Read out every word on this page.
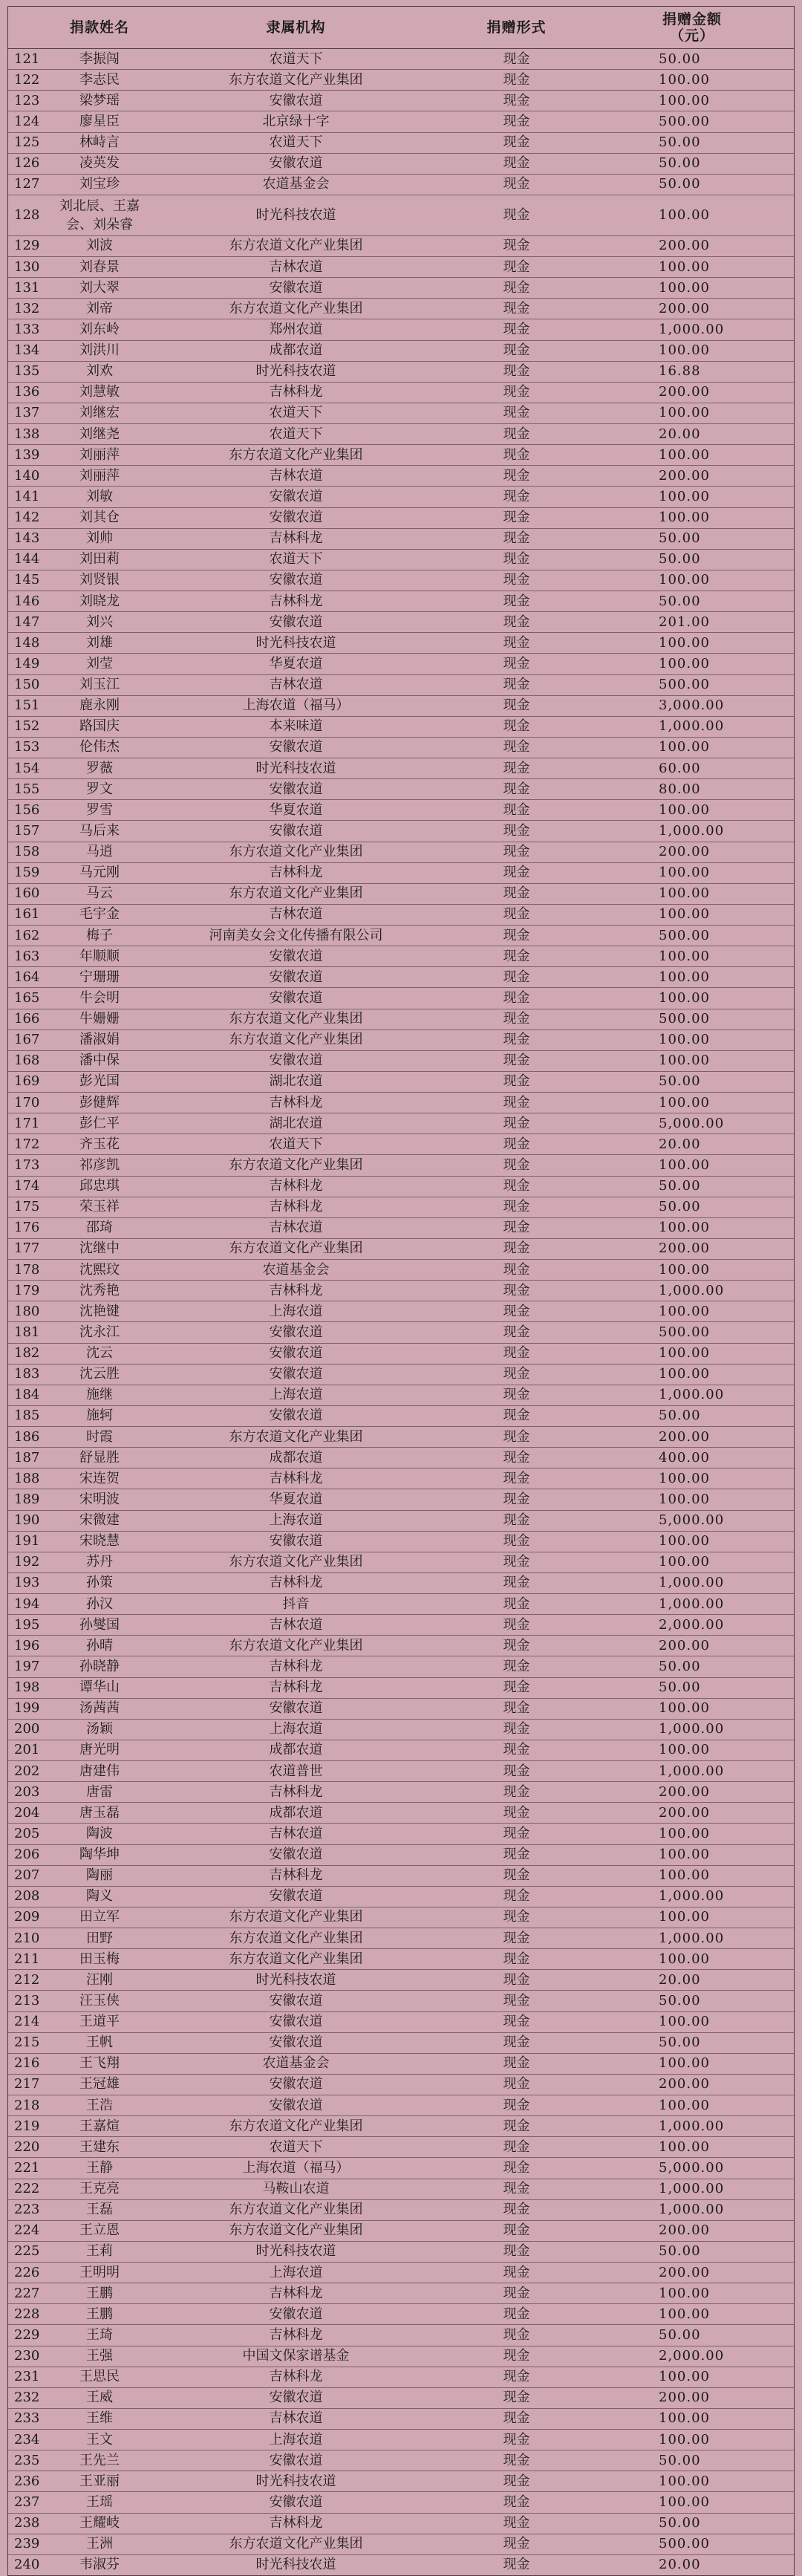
	捐款姓名	隶属机构	捐赠形式	捐赠金额
（元）
121	李振闯	农道天下	现金	50.00
122	李志民	东方农道文化产业集团	现金	100.00
123	梁梦瑶	安徽农道	现金	100.00
124	廖星臣	北京绿十字	现金	500.00
125	林峙言	农道天下	现金	50.00
126	凌英发	安徽农道	现金	50.00
127	刘宝珍	农道基金会	现金	50.00
128	刘北辰、王嘉会、刘朵睿	时光科技农道	现金	100.00
129	刘波	东方农道文化产业集团	现金	200.00
130	刘春景	吉林农道	现金	100.00
131	刘大翠	安徽农道	现金	100.00
132	刘帝	东方农道文化产业集团	现金	200.00
133	刘东岭	郑州农道	现金	1,000.00
134	刘洪川	成都农道	现金	100.00
135	刘欢	时光科技农道	现金	16.88
136	刘慧敏	吉林科龙	现金	200.00
137	刘继宏	农道天下	现金	100.00
138	刘继尧	农道天下	现金	20.00
139	刘丽萍	东方农道文化产业集团	现金	100.00
140	刘丽萍	吉林农道	现金	200.00
141	刘敏	安徽农道	现金	100.00
142	刘其仓	安徽农道	现金	100.00
143	刘帅	吉林科龙	现金	50.00
144	刘田莉	农道天下	现金	50.00
145	刘贤银	安徽农道	现金	100.00
146	刘晓龙	吉林科龙	现金	50.00
147	刘兴	安徽农道	现金	201.00
148	刘雄	时光科技农道	现金	100.00
149	刘莹	华夏农道	现金	100.00
150	刘玉江	吉林农道	现金	500.00
151	鹿永刚	上海农道（福马）	现金	3,000.00
152	路国庆	本来味道	现金	1,000.00
153	伦伟杰	安徽农道	现金	100.00
154	罗薇	时光科技农道	现金	60.00
155	罗文	安徽农道	现金	80.00
156	罗雪	华夏农道	现金	100.00
157	马后来	安徽农道	现金	1,000.00
158	马逍	东方农道文化产业集团	现金	200.00
159	马元刚	吉林科龙	现金	100.00
160	马云	东方农道文化产业集团	现金	100.00
161	毛宇金	吉林农道	现金	100.00
162	梅子	河南美女会文化传播有限公司	现金	500.00
163	年顺顺	安徽农道	现金	100.00
164	宁珊珊	安徽农道	现金	100.00
165	牛会明	安徽农道	现金	100.00
166	牛姗姗	东方农道文化产业集团	现金	500.00
167	潘淑娟	东方农道文化产业集团	现金	100.00
168	潘中保	安徽农道	现金	100.00
169	彭光国	湖北农道	现金	50.00
170	彭健辉	吉林科龙	现金	100.00
171	彭仁平	湖北农道	现金	5,000.00
172	齐玉花	农道天下	现金	20.00
173	祁彦凯	东方农道文化产业集团	现金	100.00
174	邱忠琪	吉林科龙	现金	50.00
175	荣玉祥	吉林科龙	现金	50.00
176	邵琦	吉林农道	现金	100.00
177	沈继中	东方农道文化产业集团	现金	200.00
178	沈熙玟	农道基金会	现金	100.00
179	沈秀艳	吉林科龙	现金	1,000.00
180	沈艳键	上海农道	现金	100.00
181	沈永江	安徽农道	现金	500.00
182	沈云	安徽农道	现金	100.00
183	沈云胜	安徽农道	现金	100.00
184	施继	上海农道	现金	1,000.00
185	施轲	安徽农道	现金	50.00
186	时霞	东方农道文化产业集团	现金	200.00
187	舒显胜	成都农道	现金	400.00
188	宋连贺	吉林科龙	现金	100.00
189	宋明波	华夏农道	现金	100.00
190	宋微建	上海农道	现金	5,000.00
191	宋晓慧	安徽农道	现金	100.00
192	苏丹	东方农道文化产业集团	现金	100.00
193	孙策	吉林科龙	现金	1,000.00
194	孙汉	抖音	现金	1,000.00
195	孙燮国	吉林农道	现金	2,000.00
196	孙晴	东方农道文化产业集团	现金	200.00
197	孙晓静	吉林科龙	现金	50.00
198	谭华山	吉林科龙	现金	50.00
199	汤茜茜	安徽农道	现金	100.00
200	汤颖	上海农道	现金	1,000.00
201	唐光明	成都农道	现金	100.00
202	唐建伟	农道普世	现金	1,000.00
203	唐雷	吉林科龙	现金	200.00
204	唐玉磊	成都农道	现金	200.00
205	陶波	吉林农道	现金	100.00
206	陶华坤	安徽农道	现金	100.00
207	陶丽	吉林科龙	现金	100.00
208	陶义	安徽农道	现金	1,000.00
209	田立军	东方农道文化产业集团	现金	100.00
210	田野	东方农道文化产业集团	现金	1,000.00
211	田玉梅	东方农道文化产业集团	现金	100.00
212	汪刚	时光科技农道	现金	20.00
213	汪玉侠	安徽农道	现金	50.00
214	王道平	安徽农道	现金	100.00
215	王帆	安徽农道	现金	50.00
216	王飞翔	农道基金会	现金	100.00
217	王冠雄	安徽农道	现金	200.00
218	王浩	安徽农道	现金	100.00
219	王嘉煊	东方农道文化产业集团	现金	1,000.00
220	王建东	农道天下	现金	100.00
221	王静	上海农道（福马）	现金	5,000.00
222	王克亮	马鞍山农道	现金	1,000.00
223	王磊	东方农道文化产业集团	现金	1,000.00
224	王立恩	东方农道文化产业集团	现金	200.00
225	王莉	时光科技农道	现金	50.00
226	王明明	上海农道	现金	200.00
227	王鹏	吉林科龙	现金	100.00
228	王鹏	安徽农道	现金	100.00
229	王琦	吉林科龙	现金	50.00
230	王强	中国文保家谱基金	现金	2,000.00
231	王思民	吉林科龙	现金	100.00
232	王威	安徽农道	现金	200.00
233	王维	吉林农道	现金	100.00
234	王文	上海农道	现金	100.00
235	王先兰	安徽农道	现金	50.00
236	王亚丽	时光科技农道	现金	100.00
237	王瑶	安徽农道	现金	100.00
238	王耀岐	吉林科龙	现金	50.00
239	王洲	东方农道文化产业集团	现金	500.00
240	韦淑芬	时光科技农道	现金	20.00
